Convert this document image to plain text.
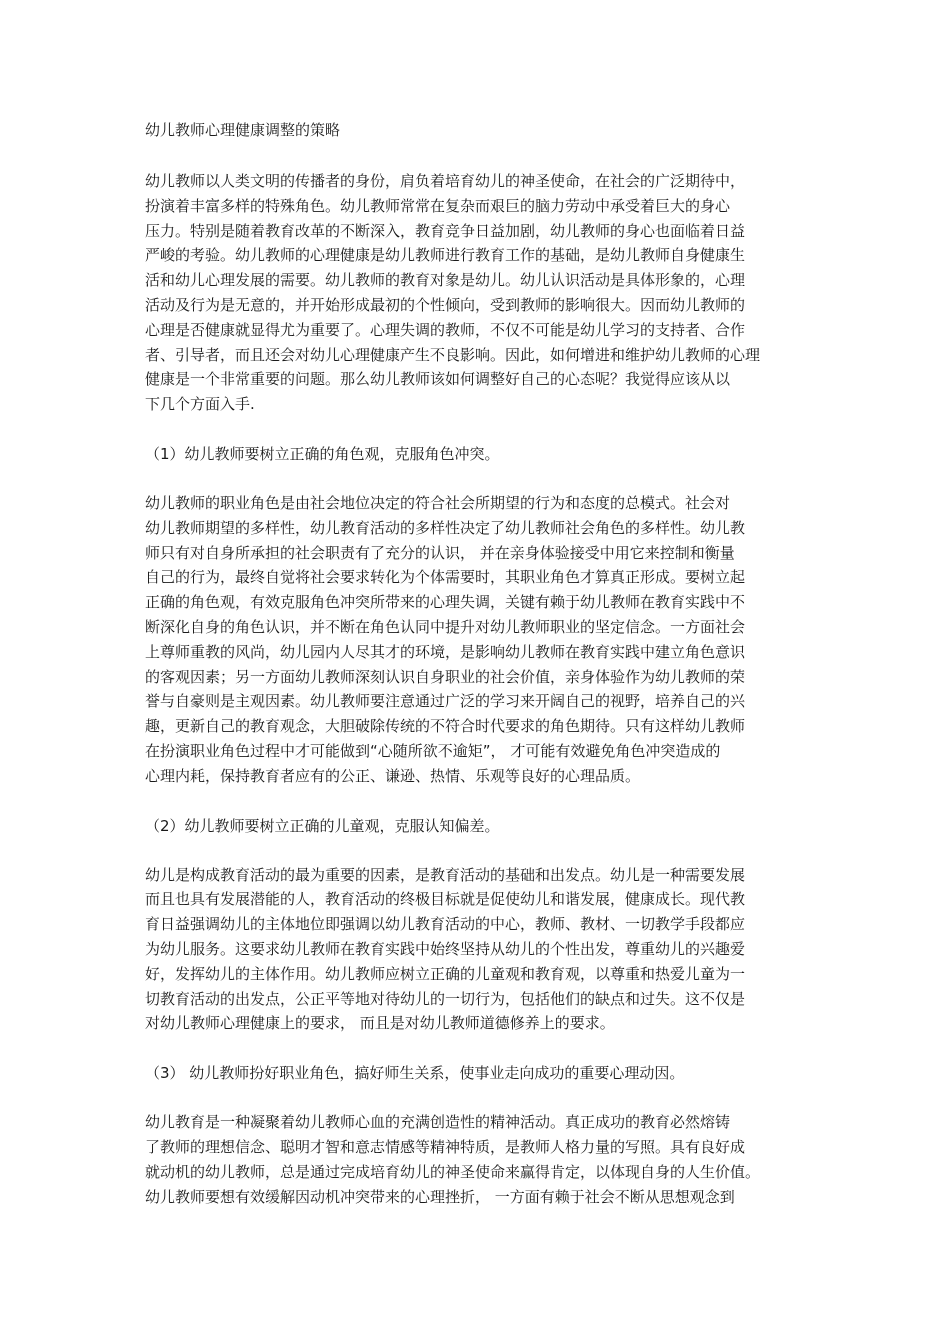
幼儿教师心理健康调整的策略
幼儿教师以人类文明的传播者的身份，肩负着培育幼儿的神圣使命，在社会的广泛期待中，
扮演着丰富多样的特殊角色。幼儿教师常常在复杂而艰巨的脑力劳动中承受着巨大的身心
压力。特别是随着教育改革的不断深入，教育竞争日益加剧，幼儿教师的身心也面临着日益
严峻的考验。幼儿教师的心理健康是幼儿教师进行教育工作的基础，是幼儿教师自身健康生
活和幼儿心理发展的需要。幼儿教师的教育对象是幼儿。幼儿认识活动是具体形象的，心理
活动及行为是无意的，并开始形成最初的个性倾向，受到教师的影响很大。因而幼儿教师的
心理是否健康就显得尤为重要了。心理失调的教师，不仅不可能是幼儿学习的支持者、合作
者、引导者，而且还会对幼儿心理健康产生不良影响。因此，如何增进和维护幼儿教师的心理
健康是一个非常重要的问题。那么幼儿教师该如何调整好自己的心态呢？我觉得应该从以
下几个方面入手.
（1）幼儿教师要树立正确的角色观，克服角色冲突。
幼儿教师的职业角色是由社会地位决定的符合社会所期望的行为和态度的总模式。社会对
幼儿教师期望的多样性，幼儿教育活动的多样性决定了幼儿教师社会角色的多样性。幼儿教
师只有对自身所承担的社会职责有了充分的认识， 并在亲身体验接受中用它来控制和衡量
自己的行为，最终自觉将社会要求转化为个体需要时，其职业角色才算真正形成。要树立起
正确的角色观，有效克服角色冲突所带来的心理失调，关键有赖于幼儿教师在教育实践中不
断深化自身的角色认识，并不断在角色认同中提升对幼儿教师职业的坚定信念。一方面社会
上尊师重教的风尚，幼儿园内人尽其才的环境，是影响幼儿教师在教育实践中建立角色意识
的客观因素；另一方面幼儿教师深刻认识自身职业的社会价值，亲身体验作为幼儿教师的荣
誉与自豪则是主观因素。幼儿教师要注意通过广泛的学习来开阔自己的视野，培养自己的兴
趣，更新自己的教育观念，大胆破除传统的不符合时代要求的角色期待。只有这样幼儿教师
在扮演职业角色过程中才可能做到“心随所欲不逾矩”， 才可能有效避免角色冲突造成的
心理内耗，保持教育者应有的公正、谦逊、热情、乐观等良好的心理品质。
（2）幼儿教师要树立正确的儿童观，克服认知偏差。
幼儿是构成教育活动的最为重要的因素，是教育活动的基础和出发点。幼儿是一种需要发展
而且也具有发展潜能的人，教育活动的终极目标就是促使幼儿和谐发展，健康成长。现代教
育日益强调幼儿的主体地位即强调以幼儿教育活动的中心，教师、教材、一切教学手段都应
为幼儿服务。这要求幼儿教师在教育实践中始终坚持从幼儿的个性出发，尊重幼儿的兴趣爱
好，发挥幼儿的主体作用。幼儿教师应树立正确的儿童观和教育观，以尊重和热爱儿童为一
切教育活动的出发点，公正平等地对待幼儿的一切行为，包括他们的缺点和过失。这不仅是
对幼儿教师心理健康上的要求， 而且是对幼儿教师道德修养上的要求。
（3） 幼儿教师扮好职业角色，搞好师生关系，使事业走向成功的重要心理动因。
幼儿教育是一种凝聚着幼儿教师心血的充满创造性的精神活动。真正成功的教育必然熔铸
了教师的理想信念、聪明才智和意志情感等精神特质，是教师人格力量的写照。具有良好成
就动机的幼儿教师，总是通过完成培育幼儿的神圣使命来赢得肯定，以体现自身的人生价值。
幼儿教师要想有效缓解因动机冲突带来的心理挫折， 一方面有赖于社会不断从思想观念到
